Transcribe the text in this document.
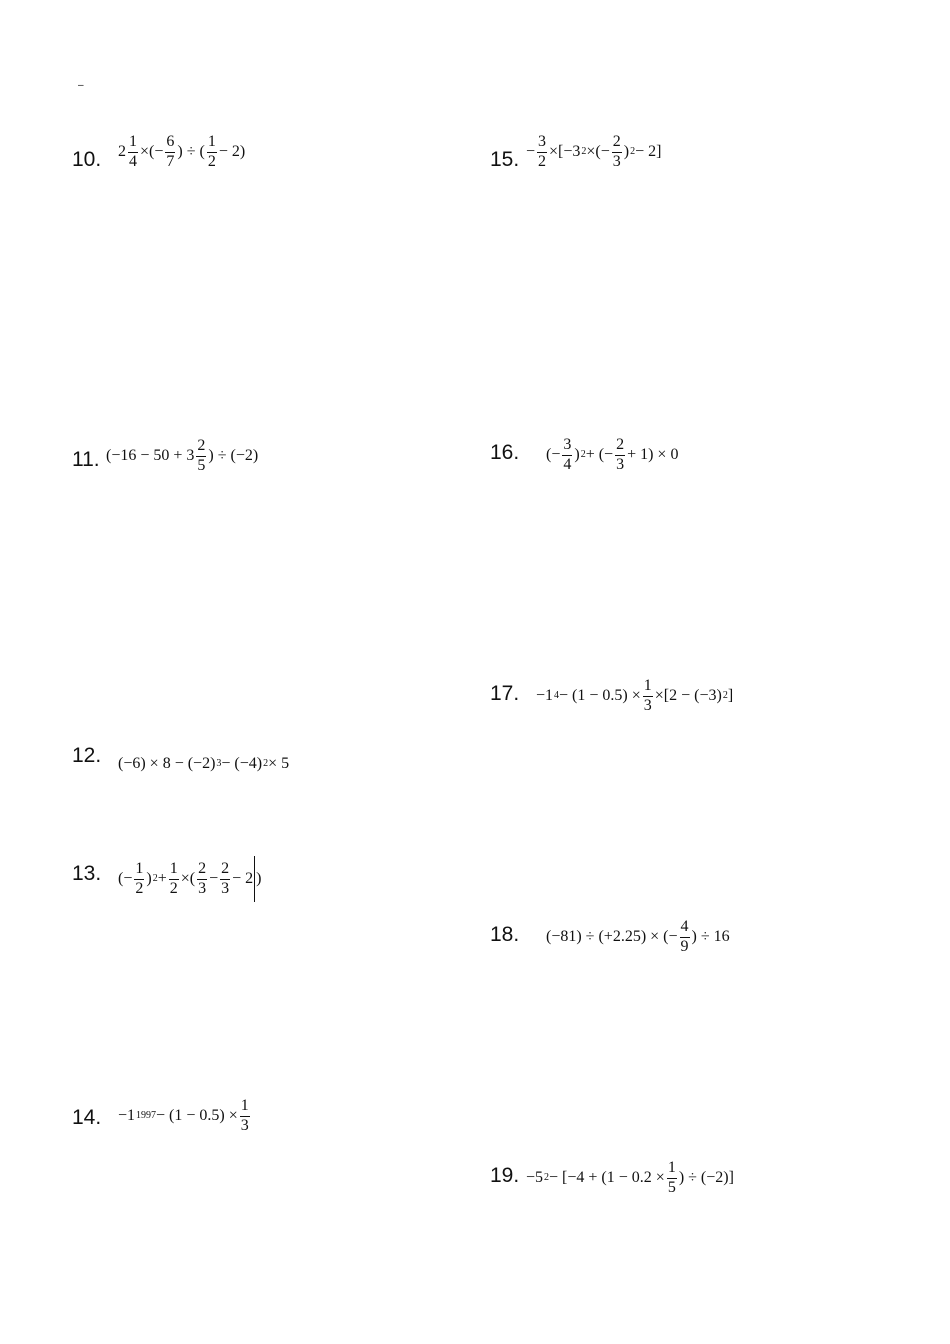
–
10. $2 \frac{1}{4}$ ×(− $\frac{6}{7}$ ) ÷ ( $\frac{1}{2} - 2$)
11. ($-16 - 50 + 3 \frac{2}{5}$ ) ÷ (−2)
12. (−6) × 8 − (−2) 3 − (−4) 2 × 5
13. (− $\frac{1}{2}$ ) $2 + \frac{1}{2}$ ×( $\frac{2}{3} - \frac{2}{3} - 2$ )
14. −1 $1997 - (1 - 0.5) \times \frac{1}{3}$
15. − $\frac{3}{2} \times[-3$ 2 ×(− $\frac{2}{3}$ ) 2 − 2]
16. (− $\frac{3}{4}$ ) 2 + (− $\frac{2}{3} + 1) \times 0$
17. −1 $4 - (1 - 0.5) \times \frac{1}{3} \times[2 - (-3)$ 2 ]
18. (−81) ÷ (+2.25) × (− $\frac{4}{9}$ ) ÷ 16
19. −5 $2 - [-4 + (1 - 0.2 \times \frac{1}{5}$ ) ÷ (−2)]
